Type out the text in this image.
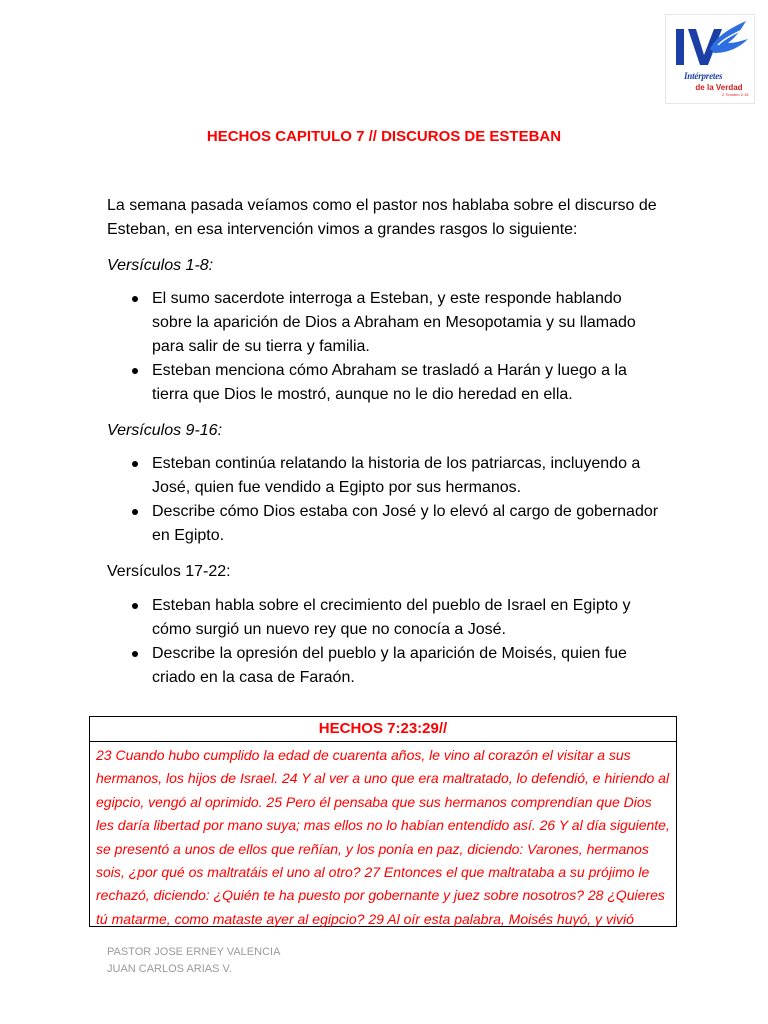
Intérpretes
de la Verdad
2 Timoteo 2:15
HECHOS CAPITULO 7 // DISCUROS DE ESTEBAN
La semana pasada veíamos como el pastor nos hablaba sobre el discurso de Esteban, en esa intervención vimos a grandes rasgos lo siguiente:
Versículos 1-8:
El sumo sacerdote interroga a Esteban, y este responde hablando sobre la aparición de Dios a Abraham en Mesopotamia y su llamado para salir de su tierra y familia.
Esteban menciona cómo Abraham se trasladó a Harán y luego a la tierra que Dios le mostró, aunque no le dio heredad en ella.
Versículos 9-16:
Esteban continúa relatando la historia de los patriarcas, incluyendo a José, quien fue vendido a Egipto por sus hermanos.
Describe cómo Dios estaba con José y lo elevó al cargo de gobernador en Egipto.
Versículos 17-22:
Esteban habla sobre el crecimiento del pueblo de Israel en Egipto y cómo surgió un nuevo rey que no conocía a José.
Describe la opresión del pueblo y la aparición de Moisés, quien fue criado en la casa de Faraón.
HECHOS 7:23:29//
23 Cuando hubo cumplido la edad de cuarenta años, le vino al corazón el visitar a sus hermanos, los hijos de Israel. 24 Y al ver a uno que era maltratado, lo defendió, e hiriendo al egipcio, vengó al oprimido. 25 Pero él pensaba que sus hermanos comprendían que Dios les daría libertad por mano suya; mas ellos no lo habían entendido así. 26 Y al día siguiente, se presentó a unos de ellos que reñían, y los ponía en paz, diciendo: Varones, hermanos sois, ¿por qué os maltratáis el uno al otro? 27 Entonces el que maltrataba a su prójimo le rechazó, diciendo: ¿Quién te ha puesto por gobernante y juez sobre nosotros? 28 ¿Quieres tú matarme, como mataste ayer al egipcio? 29 Al oír esta palabra, Moisés huyó, y vivió
PASTOR JOSE ERNEY VALENCIA
JUAN CARLOS ARIAS V.
